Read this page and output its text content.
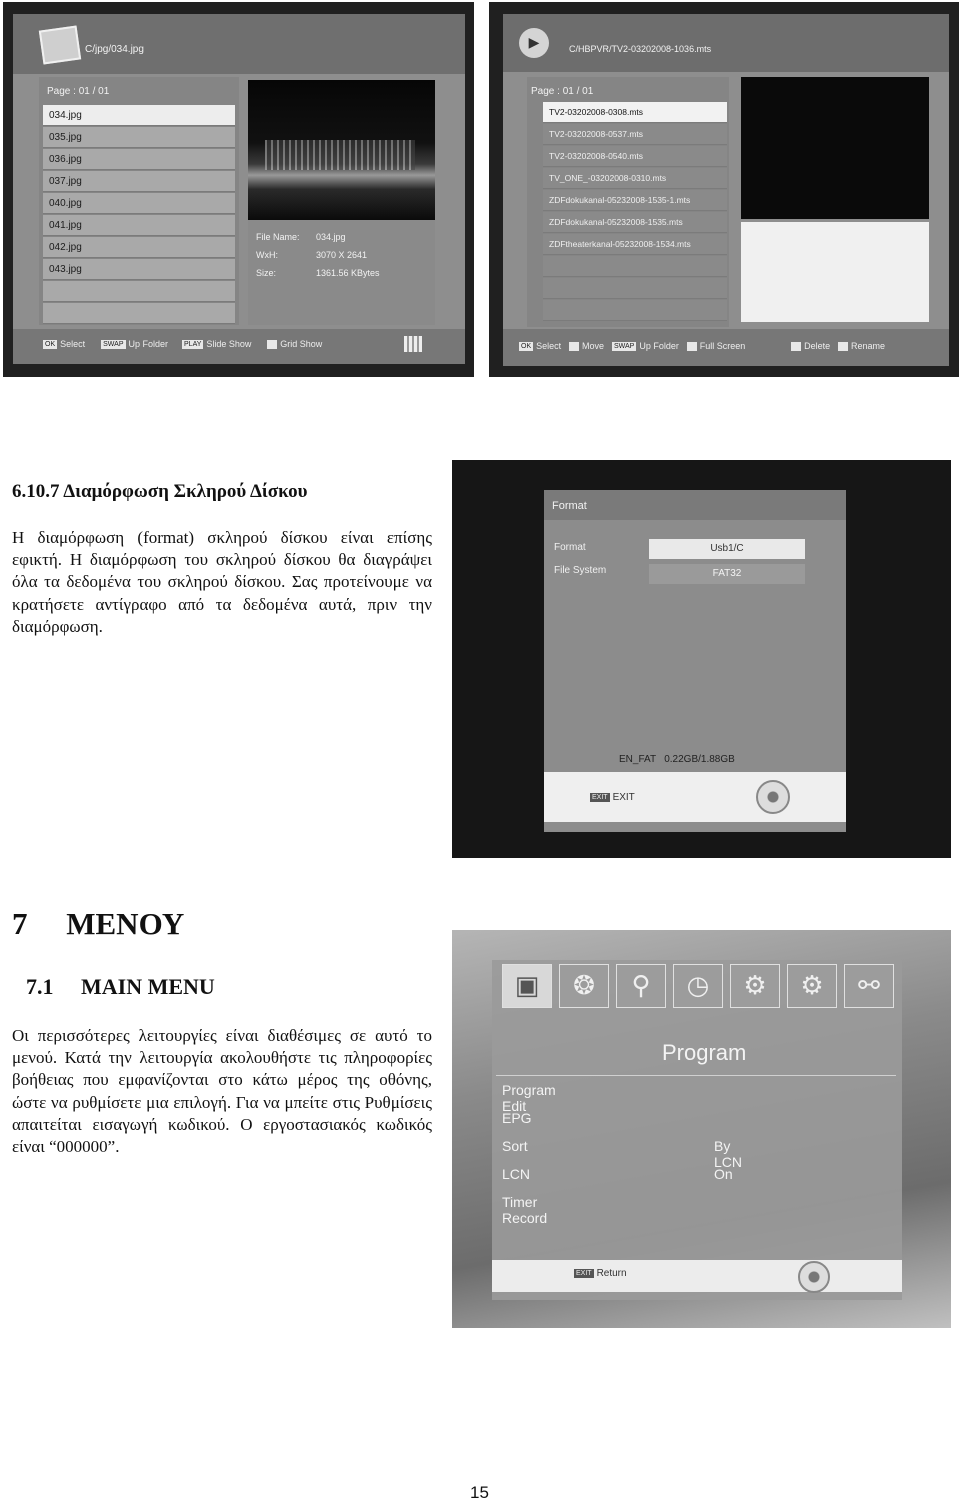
C/jpg/034.jpg
Page : 01 / 01
034.jpg
035.jpg
036.jpg
037.jpg
040.jpg
041.jpg
042.jpg
043.jpg
File Name: 034.jpg
WxH:	3070 X 2641
Size:	1361.56 KBytes
OK Select	SWAP Up Folder PLAY Slide Show	Grid Show
▶	C/HBPVR/TV2-03202008-1036.mts
Page : 01 / 01
TV2-03202008-0308.mts
TV2-03202008-0537.mts
TV2-03202008-0540.mts
TV_ONE_-03202008-0310.mts
ZDFdokukanal-05232008-1535-1.mts
ZDFdokukanal-05232008-1535.mts
ZDFtheaterkanal-05232008-1534.mts
OK Select Move SWAP Up Folder Full Screen	Delete Rename
6.10.7 Διαμόρφωση Σκληρού Δίσκου
Η διαμόρφωση (format) σκληρού δίσκου είναι επίσης εφικτή. Η διαμόρφωση του σκληρού δίσκου θα διαγράψει όλα τα δεδομένα του σκληρού δίσκου. Σας προτείνουμε να κρατήσετε αντίγραφο από τα δεδομένα αυτά, πριν την διαμόρφωση.
Format
Format	Usb1/C
File System	FAT32
EN_FAT   0.22GB/1.88GB
EXIT EXIT
7     ΜΕΝΟΥ
7.1     MAIN MENU
Οι περισσότερες λειτουργίες είναι διαθέσιμες σε αυτό το μενού. Κατά την λειτουργία ακολουθήστε τις πληροφορίες βοήθειας που εμφανίζονται στο κάτω μέρος της οθόνης, ώστε να ρυθμίσετε μια επιλογή. Για να μπείτε στις Ρυθμίσεις απαιτείται εισαγωγή κωδικού. Ο εργοστασιακός κωδικός είναι “000000”.
▣	❂	⚲	◷	⚙	⚙	⚯
Program
Program Edit
EPG
Sort	By LCN
LCN	On
Timer Record
EXIT Return
15
